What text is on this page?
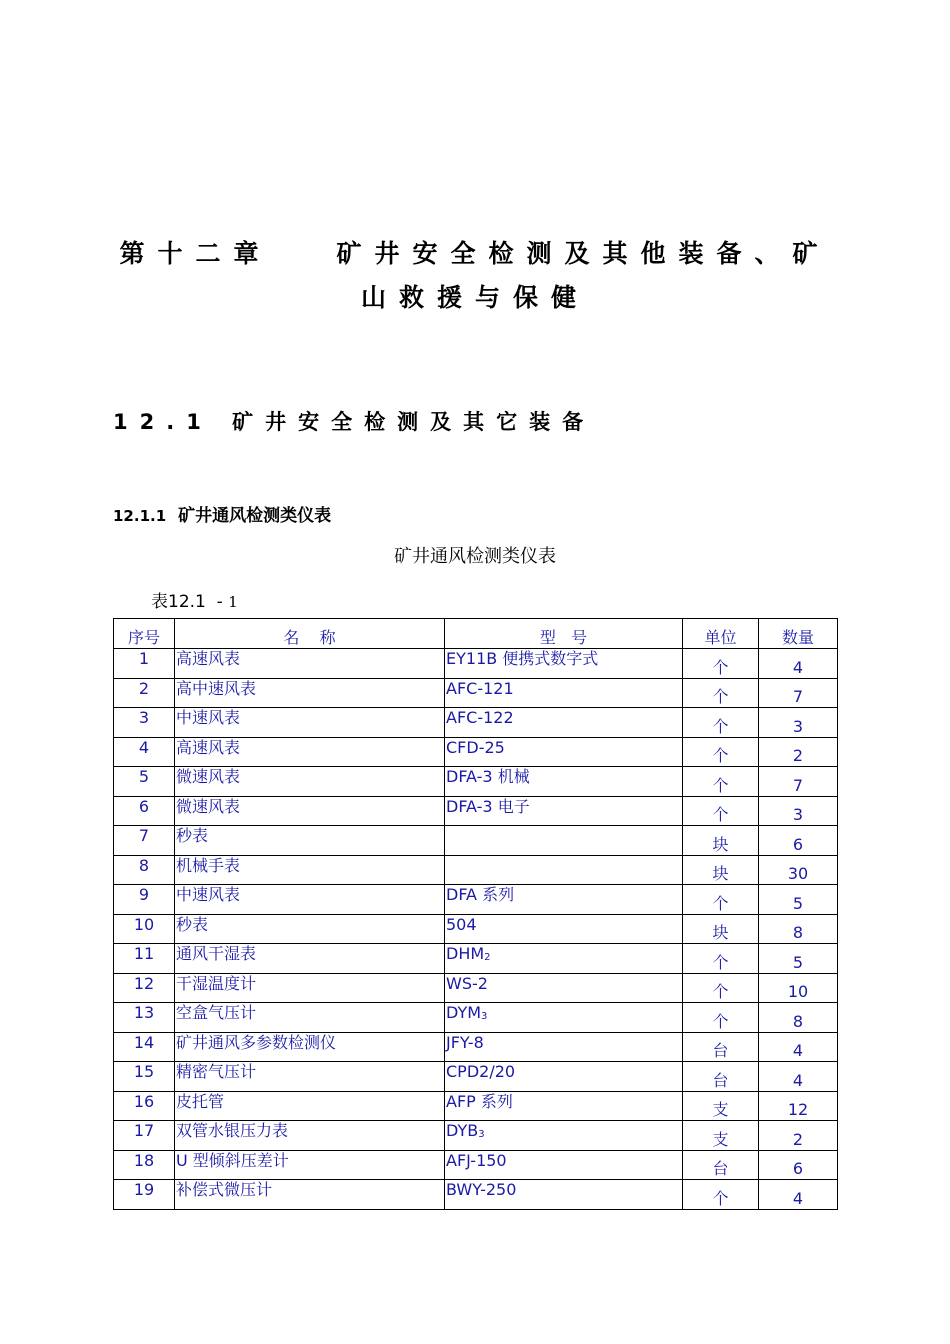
第十二章   矿井安全检测及其他装备、矿
山救援与保健
12.1 矿井安全检测及其它装备
12.1.1 矿井通风检测类仪表
矿井通风检测类仪表
表12.1  - 1
序号	名    称	型   号	单位	数量
1	高速风表	EY11B 便携式数字式	个	4
2	高中速风表	AFC-121	个	7
3	中速风表	AFC-122	个	3
4	高速风表	CFD-25	个	2
5	微速风表	DFA-3 机械	个	7
6	微速风表	DFA-3 电子	个	3
7	秒表		块	6
8	机械手表		块	30
9	中速风表	DFA 系列	个	5
10	秒表	504	块	8
11	通风干湿表	$DHM_2$	个	5
12	干湿温度计	WS-2	个	10
13	空盒气压计	$DYM_3$	个	8
14	矿井通风多参数检测仪	JFY-8	台	4
15	精密气压计	CPD2/20	台	4
16	皮托管	AFP 系列	支	12
17	双管水银压力表	$DYB_3$	支	2
18	U 型倾斜压差计	AFJ-150	台	6
19	补偿式微压计	BWY-250	个	4
